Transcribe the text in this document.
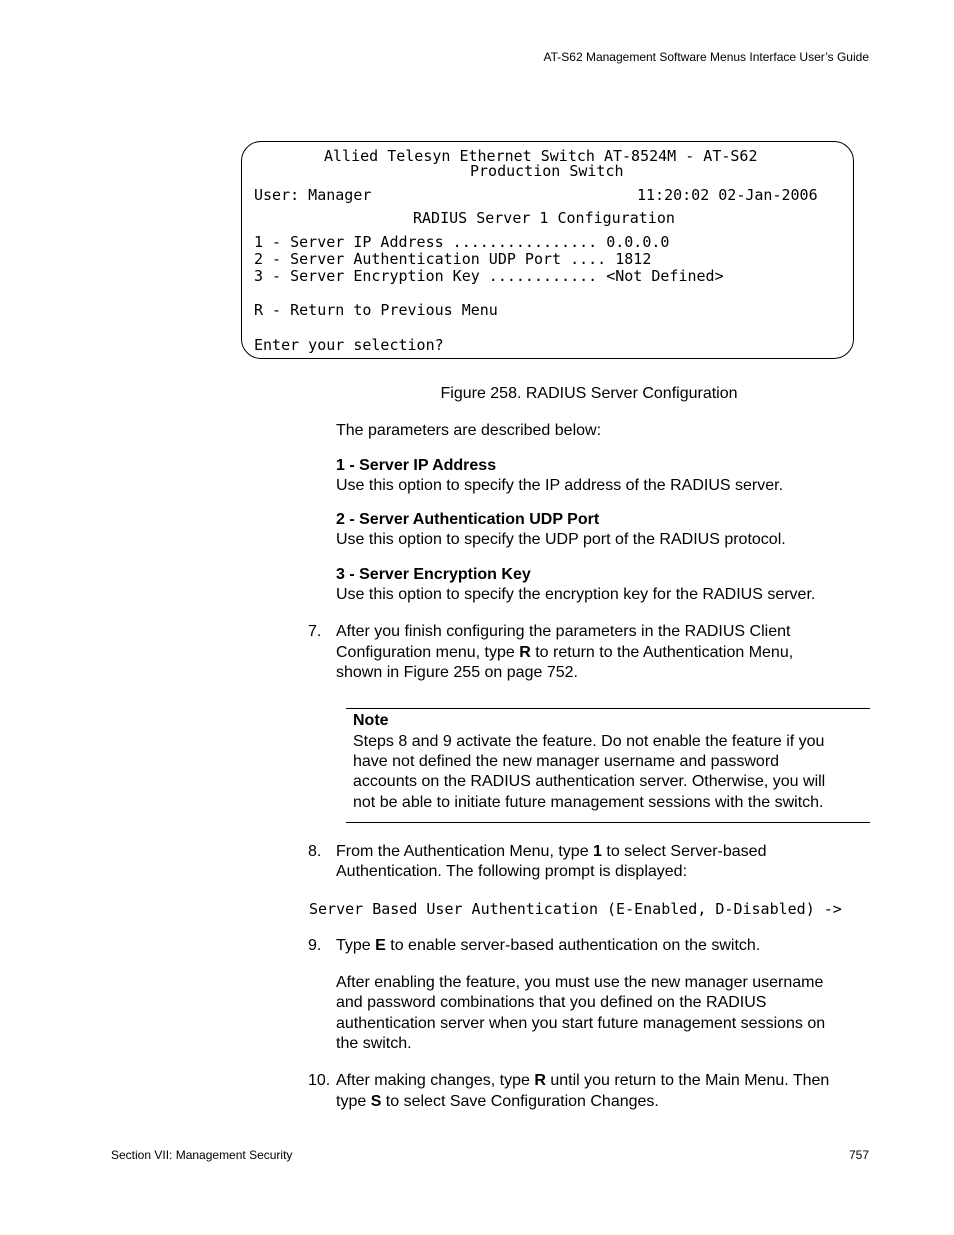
AT-S62 Management Software Menus Interface User’s Guide
Allied Telesyn Ethernet Switch AT-8524M - AT-S62
Production Switch
User: Manager	11:20:02 02-Jan-2006
RADIUS Server 1 Configuration
1 - Server IP Address ................ 0.0.0.0
2 - Server Authentication UDP Port .... 1812
3 - Server Encryption Key ............ <Not Defined>
R - Return to Previous Menu
Enter your selection?
Figure 258. RADIUS Server Configuration
The parameters are described below:
1 - Server IP Address
Use this option to specify the IP address of the RADIUS server.
2 - Server Authentication UDP Port
Use this option to specify the UDP port of the RADIUS protocol.
3 - Server Encryption Key
Use this option to specify the encryption key for the RADIUS server.
7. After you finish configuring the parameters in the RADIUS Client
Configuration menu, type R to return to the Authentication Menu,
shown in Figure 255 on page 752.
Note
Steps 8 and 9 activate the feature. Do not enable the feature if you
have not defined the new manager username and password
accounts on the RADIUS authentication server. Otherwise, you will
not be able to initiate future management sessions with the switch.
8. From the Authentication Menu, type 1 to select Server-based
Authentication. The following prompt is displayed:
Server Based User Authentication (E-Enabled, D-Disabled) ->
9. Type E to enable server-based authentication on the switch.
After enabling the feature, you must use the new manager username
and password combinations that you defined on the RADIUS
authentication server when you start future management sessions on
the switch.
10. After making changes, type R until you return to the Main Menu. Then
type S to select Save Configuration Changes.
Section VII: Management Security	757
